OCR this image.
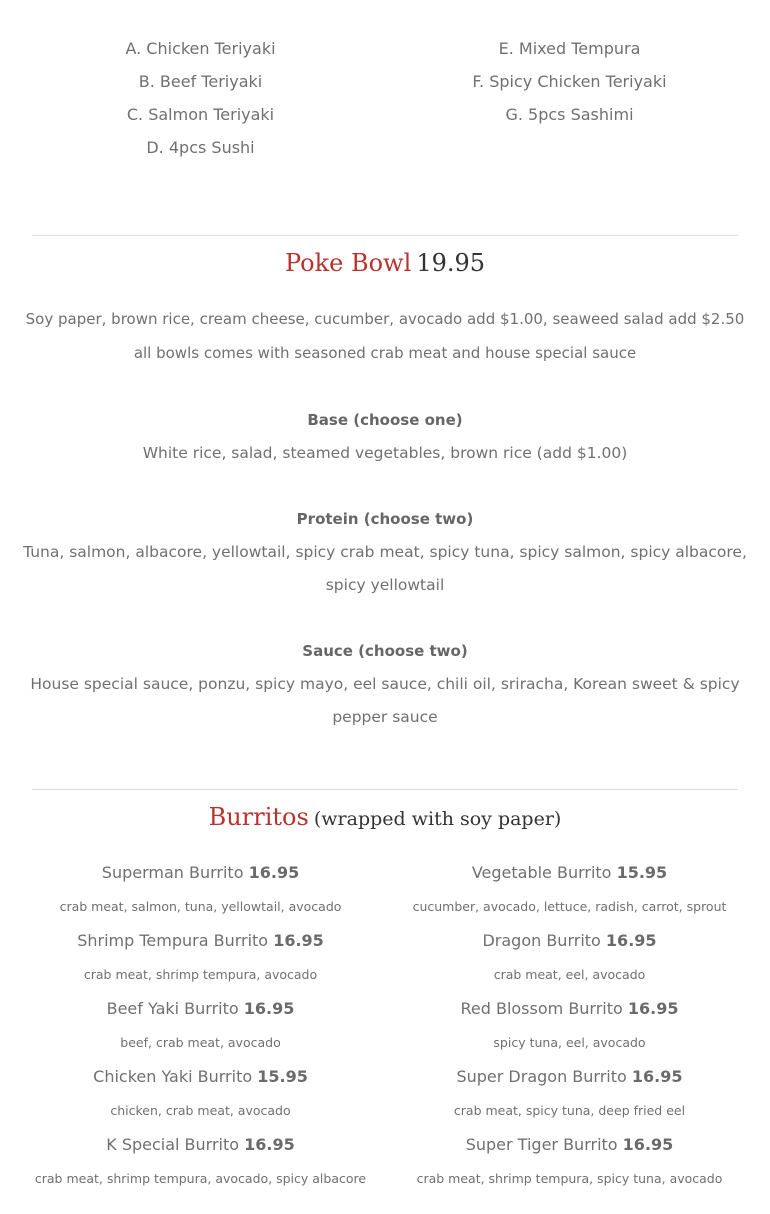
A. Chicken Teriyaki
B. Beef Teriyaki
C. Salmon Teriyaki
D. 4pcs Sushi
E. Mixed Tempura
F. Spicy Chicken Teriyaki
G. 5pcs Sashimi
Poke Bowl 19.95
Soy paper, brown rice, cream cheese, cucumber, avocado add $1.00, seaweed salad add $2.50
all bowls comes with seasoned crab meat and house special sauce
Base (choose one)
White rice, salad, steamed vegetables, brown rice (add $1.00)
Protein (choose two)
Tuna, salmon, albacore, yellowtail, spicy crab meat, spicy tuna, spicy salmon, spicy albacore,
spicy yellowtail
Sauce (choose two)
House special sauce, ponzu, spicy mayo, eel sauce, chili oil, sriracha, Korean sweet & spicy
pepper sauce
Burritos (wrapped with soy paper)
Superman Burrito 16.95
crab meat, salmon, tuna, yellowtail, avocado
Shrimp Tempura Burrito 16.95
crab meat, shrimp tempura, avocado
Beef Yaki Burrito 16.95
beef, crab meat, avocado
Chicken Yaki Burrito 15.95
chicken, crab meat, avocado
K Special Burrito 16.95
crab meat, shrimp tempura, avocado, spicy albacore
Vegetable Burrito 15.95
cucumber, avocado, lettuce, radish, carrot, sprout
Dragon Burrito 16.95
crab meat, eel, avocado
Red Blossom Burrito 16.95
spicy tuna, eel, avocado
Super Dragon Burrito 16.95
crab meat, spicy tuna, deep fried eel
Super Tiger Burrito 16.95
crab meat, shrimp tempura, spicy tuna, avocado
